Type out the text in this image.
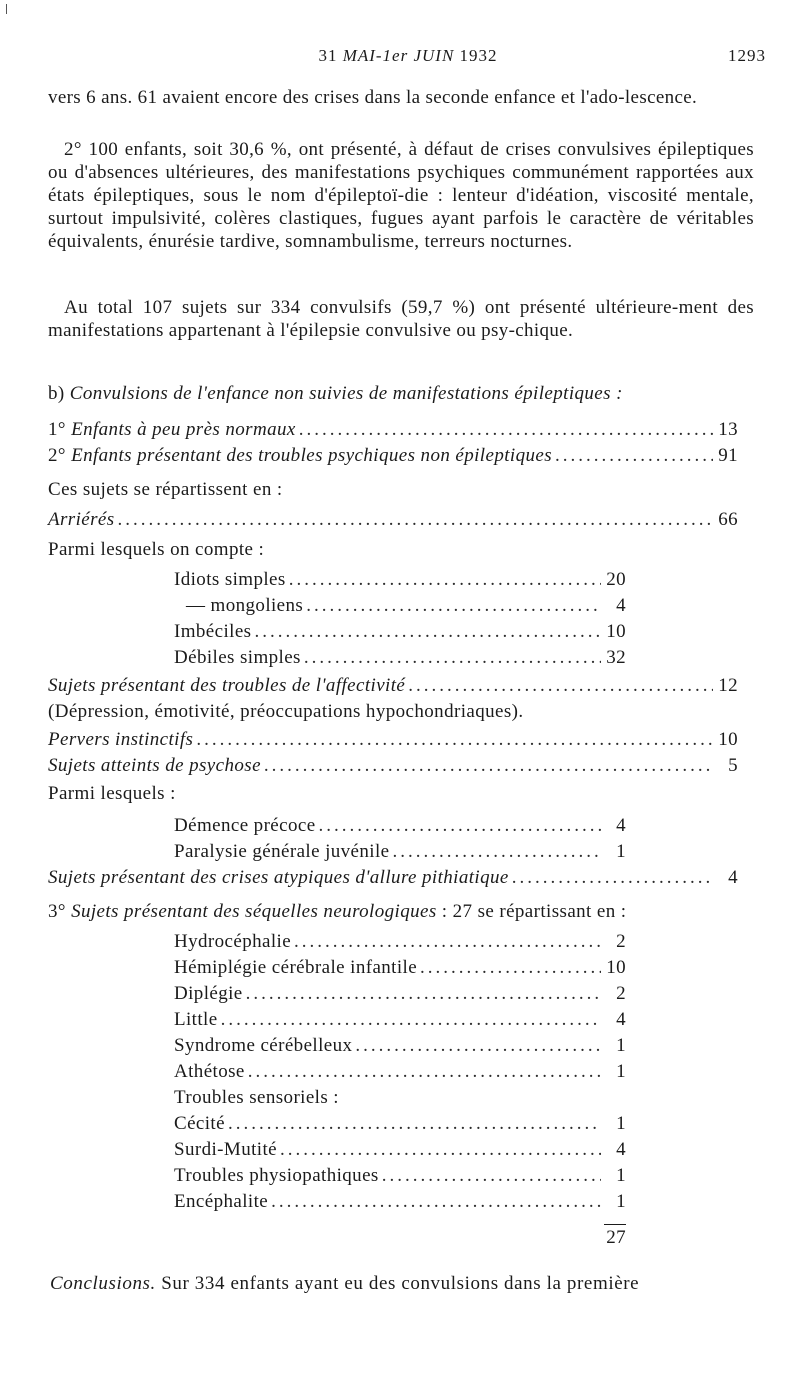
31 MAI-1er JUIN 1932	1293
vers 6 ans. 61 avaient encore des crises dans la seconde enfance et l'ado-lescence.
2° 100 enfants, soit 30,6 %, ont présenté, à défaut de crises convulsives épileptiques ou d'absences ultérieures, des manifestations psychiques communément rapportées aux états épileptiques, sous le nom d'épileptoï-die : lenteur d'idéation, viscosité mentale, surtout impulsivité, colères clastiques, fugues ayant parfois le caractère de véritables équivalents, énurésie tardive, somnambulisme, terreurs nocturnes.
Au total 107 sujets sur 334 convulsifs (59,7 %) ont présenté ultérieure-ment des manifestations appartenant à l'épilepsie convulsive ou psy-chique.
b) Convulsions de l'enfance non suivies de manifestations épileptiques :
1° Enfants à peu près normaux .....	13
2° Enfants présentant des troubles psychiques non épileptiques .....	91
Ces sujets se répartissent en :
Arriérés .....	66
Parmi lesquels on compte :
Idiots simples .....	20
— mongoliens .....	4
Imbéciles .....	10
Débiles simples .....	32
Sujets présentant des troubles de l'affectivité .....	12
(Dépression, émotivité, préoccupations hypochondriaques).
Pervers instinctifs .....	10
Sujets atteints de psychose .....	5
Parmi lesquels :
Démence précoce .....	4
Paralysie générale juvénile .....	1
Sujets présentant des crises atypiques d'allure pithiatique .....	4
3° Sujets présentant des séquelles neurologiques : 27 se répartissant en :
Hydrocéphalie .....	2
Hémiplégie cérébrale infantile .....	10
Diplégie .....	2
Little .....	4
Syndrome cérébelleux .....	1
Athétose .....	1
Troubles sensoriels :
Cécité .....	1
Surdi-Mutité .....	4
Troubles physiopathiques .....	1
Encéphalite .....	1
27
Conclusions. Sur 334 enfants ayant eu des convulsions dans la première
